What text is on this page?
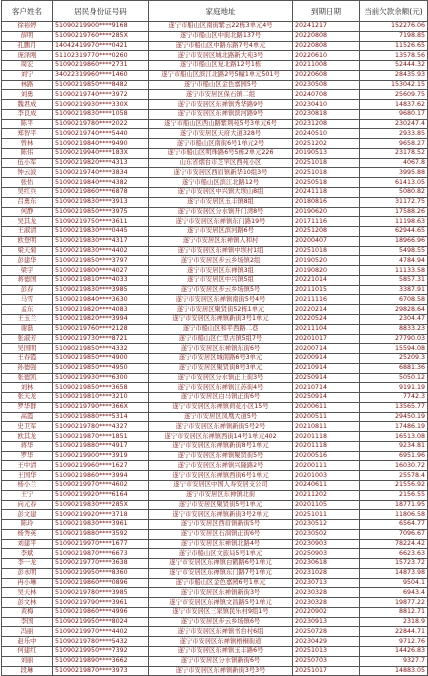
客户姓名	居民身份证号码	家庭地址	到期日期	当前欠款余额(元)
徐裕婷	51090219900****9168	遂宁市船山区南街紫云22栋3单元4号	20241217	152276.06
薛明	51090219760****285X	遂宁市船山区中街北路137号	20220808	7198.85
孔鹏月	14042419970****0421	遂宁市船山区中路东路7号4单元	20220808	11526.65
庞泽刚	51102319770****0260	遂宁市安居区城北路新大苑3号	20220610	13578.56
周宏	51090219860****2731	遂宁市船山区复北路12号1栋	20211008	52444.32
刘宁	34022319960****1460	遂宁市船山区滨江北路2号5幢1单元501号	20220608	28435.93
林路	51090219850****8482	遂宁市船山区金色嘉园5号	20230508	153042.15
刘勇	51090219740****3972	遂宁市安居区保石镇二组	20240708	25609.75
魏君成	51090219930****330X	遂宁市安居区东禅镇秀华路9号	20230410	14837.62
李良成	51090219830****1058	遂宁市安居区东禅镇滨河路9号	20230818	9680.17
陈平	51090219780****2022	遂宁市船山区西山路紫荆苑5号3单元6号	20231208	230247.4
郑智平	51090219740****5440	遂宁市安居区天府大道328号	20240510	2933.85
曾林	51090219840****9490	遂宁市船山区南街6号1单元2号	20251202	9658.27
陈伟	51090219940****183X	遂宁市船山区明珠路6号5栋2单元226	20190513	23178.52
伍小军	51090219820****4313	山东省烟台市芝罘区西苑小区	20251018	4067.8
钟云波	51090219740****3834	遂宁市安居区西眉镇新华10组3号	20251018	3995.88
张佑	51090219840****4382	遂宁市船山区滨江北路12号	20250518	61413.05
吴红兵	51090219860****6878	遂宁市安居区中兴镇大坝山8组	20241118	5080.82
吕勇东	51090219830****3913	遂宁市安居区玉丰镇8组	20180816	31172.75
何静	51090219850****3975	遂宁市安居区分水镇开门湾8号	20190620	17588.26
吴其龙	51090219750****3611	遂宁市安居区东禅镇东门路19号	20171116	11198.63
王淑清	51090219830****0445	遂宁市安居区滨河路6号	20251208	62944.65
欧登明	51090219830****4317	遂宁市安居区东禅镇人和村	20200407	18966.96
梁天菊	51090219830****4402	遂宁市安居区东禅镇中坝村1组	20251018	5498.55
彭建华	51090219850****3797	遂宁市安居区步云乡场镇2组	20190520	4784.94
梁宇	51090219800****4027	遂宁市安居区东禅镇3组	20190820	11133.58
蒋德国	51090219810****4033	遂宁市安居区中兴镇5组	20221014	5857.31
彭春	51090219830****3985	遂宁市安居区步云乡场镇5号	20211015	3387.91
马雪	51090219840****3630	遂宁市安居区东禅镇南街5号4号	20211116	6708.58
孟东	51090219820****4083	遂宁市安居区聚贤街52栋1单元	20220214	29828.64
王玉兰	51090219820****3994	遂宁市安居区东禅镇新街3号1单元	20220524	2304.47
谢磊	51090219760****2128	遂宁市船山区和平西路二巷	20211104	8833.23
张淑芳	51090219730****8721	遂宁市船山区仁里古镇5组7号	20201017	27790.03
吴国明	51090219850****4332	遂宁市安居区东禅镇东街6号	20200714	15594.08
王春霞	51090219850****4900	遂宁市安居区城南路6号3单元	20200914	25209.3
孙德强	51090219850****4950	遂宁市安居区聚贤街8号3单元	20210914	6881.36
张德凯	51090219930****6300	遂宁市安居区分水镇正上街3号	20250914	5050.12
刘林	51090219850****3658	遂宁市安居区东禅镇江苏街4号	20210714	9191.19
张天龙	51090219810****3210	遂宁市安居区白马镇正街6号	20250914	7742.3
罗华群	51090219790****366X	遂宁市安居区东禅镇荷花小区15号	20200611	13565.77
高霞	51090219880****5314	遂宁市安居区凤凰大道5号	20200511	29450.19
史卫军	51090219780****4327	遂宁市安居区东禅镇新街5号2号	20210811	17486.19
欧其龙	51090219870****1851	遂宁市安居区东禅镇西街14号1单元402	20201118	16513.08
蒋华	51090219880****4917	遂宁市安居区东禅镇新街8号1单元	20201118	9234.81
罗华	51090219900****3919	遂宁市安居区东禅镇聚贤街5号	20200516	6951.96
王中清	51090219960****1627	遂宁市安居区东禅镇兴隆路2号	20200111	16030.72
王国华	51090219860****3994	遂宁市安居区东禅镇西街6号1单元	20201003	25578.4
杨小兰	51090219970****4602	遂宁市安居区中国人寿安居支公司	20240611	21556.92
王宁	51090219920****6164	遂宁市安居区东禅镇北街	20211202	2156.55
向元春	51090219830****285X	遂宁市安居区聚贤街5号1单元	20201105	18771.95
彭文建	51090219920****3718	遂宁市安居区东禅镇新街3号2单元	20251011	11806.58
陈玲	51090219830****3961	遂宁市安居区西眉镇新街5号	20230512	6564.77
杨秀英	51090219880****3592	遂宁市安居区石洞镇正街6号	20230502	7096.67
刘建平	51090219970****1677	遂宁市安居区东禅镇北路4号	20230903	78224.42
李斌	51090219870****6673	遂宁市船山区文旅局5号1单元	20250903	6623.63
李一龙	51090219770****3638	遂宁市安居区东禅镇白鹤路6号1单元	20230618	15723.72
彭永明	51090219950****8360	遂宁市安居区东禅镇东门路7号1单元	20231028	14873.98
冉小琳	51090219860****0896	遂宁市船山区金色嘉园6号1单元	20230713	9504.1
吴天林	51090219780****3985	遂宁市安居区东禅镇新街3号	20230328	6943.4
彭文林	51090219790****3961	遂宁市安居区东禅镇文昌路5号1单元	20230328	19877.22
黄梅	51090219860****4996	遂宁市安居区三家镇民乐村9组1号	20220902	8812.71
李国	51090219950****8024	遂宁市安居区步云乡场镇6号	20230913	2318.9
冯丽	51090219970****4402	遂宁市安居区东禅镇书台村6组	20250728	22844.71
赵乐中	51090219780****5432	遂宁市安居区东禅镇梧桐街道	20230429	9712.76
何建红	51090219950****7392	遂宁市安居区东禅镇玉丰路6号	20251013	14426.83
刘丽	51090219890****3662	遂宁市安居区分水镇新街6号	20250703	9327.7
段琳	51090219870****3973	遂宁市安居区东禅镇新街3号3号	20251017	14883.05
